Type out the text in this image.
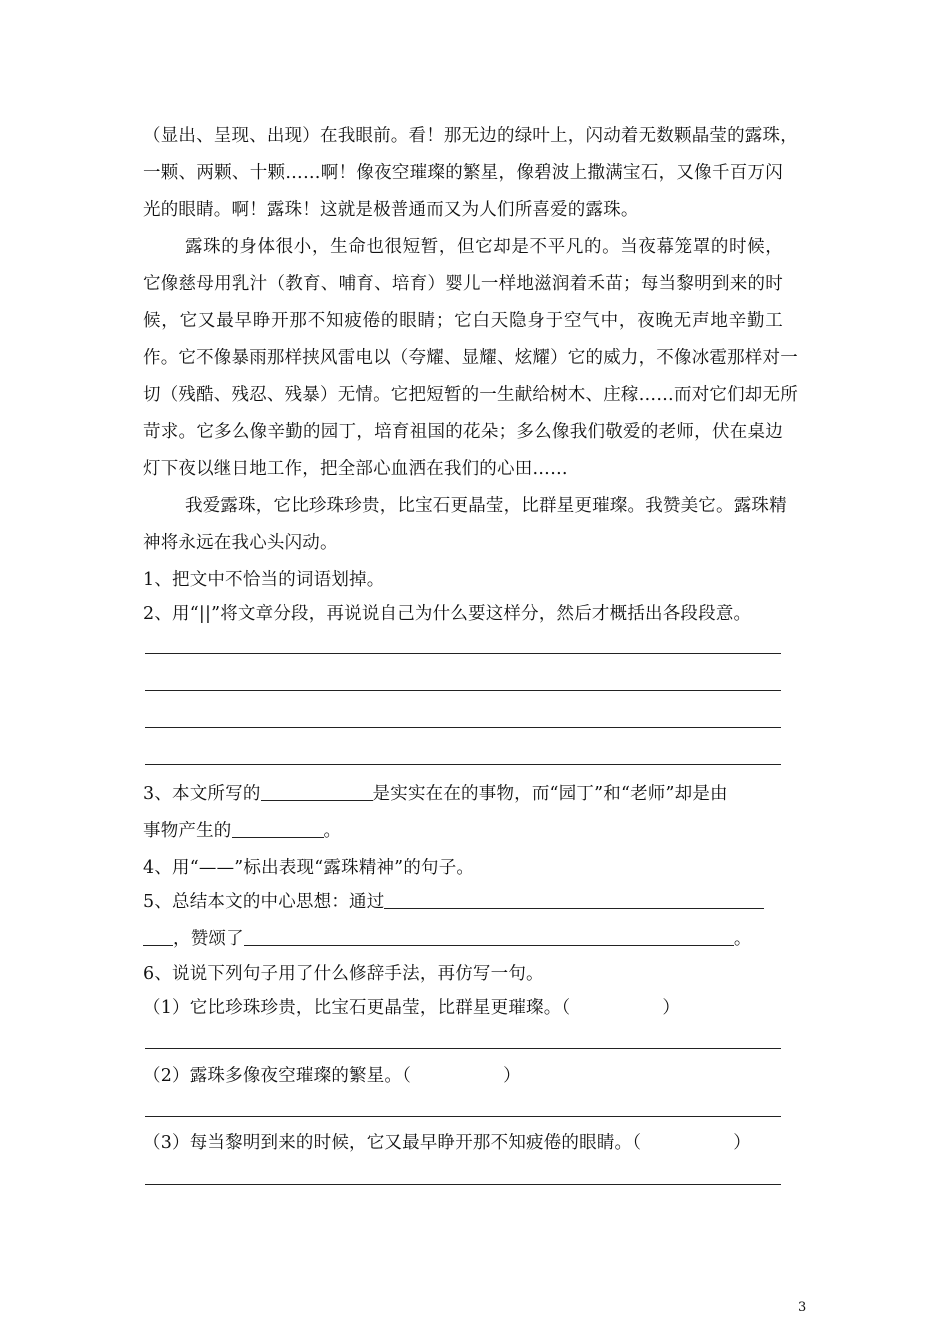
（显出、呈现、出现）在我眼前。看！那无边的绿叶上，闪动着无数颗晶莹的露珠，
一颗、两颗、十颗……啊！像夜空璀璨的繁星，像碧波上撒满宝石，又像千百万闪
光的眼睛。啊！露珠！这就是极普通而又为人们所喜爱的露珠。
露珠的身体很小，生命也很短暂，但它却是不平凡的。当夜幕笼罩的时候，
它像慈母用乳汁（教育、哺育、培育）婴儿一样地滋润着禾苗；每当黎明到来的时
候，它又最早睁开那不知疲倦的眼睛；它白天隐身于空气中，夜晚无声地辛勤工
作。它不像暴雨那样挟风雷电以（夸耀、显耀、炫耀）它的威力，不像冰雹那样对一
切（残酷、残忍、残暴）无情。它把短暂的一生献给树木、庄稼……而对它们却无所
苛求。它多么像辛勤的园丁，培育祖国的花朵；多么像我们敬爱的老师，伏在桌边
灯下夜以继日地工作，把全部心血洒在我们的心田……
我爱露珠，它比珍珠珍贵，比宝石更晶莹，比群星更璀璨。我赞美它。露珠精
神将永远在我心头闪动。
1、把文中不恰当的词语划掉。
2、用“||”将文章分段，再说说自己为什么要这样分，然后才概括出各段段意。
3、本文所写的	是实实在在的事物，而“园丁”和“老师”却是由
事物产生的	。
4、用“——”标出表现“露珠精神”的句子。
5、总结本文的中心思想：通过
，赞颂了	。
6、说说下列句子用了什么修辞手法，再仿写一句。
（1）它比珍珠珍贵，比宝石更晶莹，比群星更璀璨。（	）
（2）露珠多像夜空璀璨的繁星。（	）
（3）每当黎明到来的时候，它又最早睁开那不知疲倦的眼睛。（	）
3
